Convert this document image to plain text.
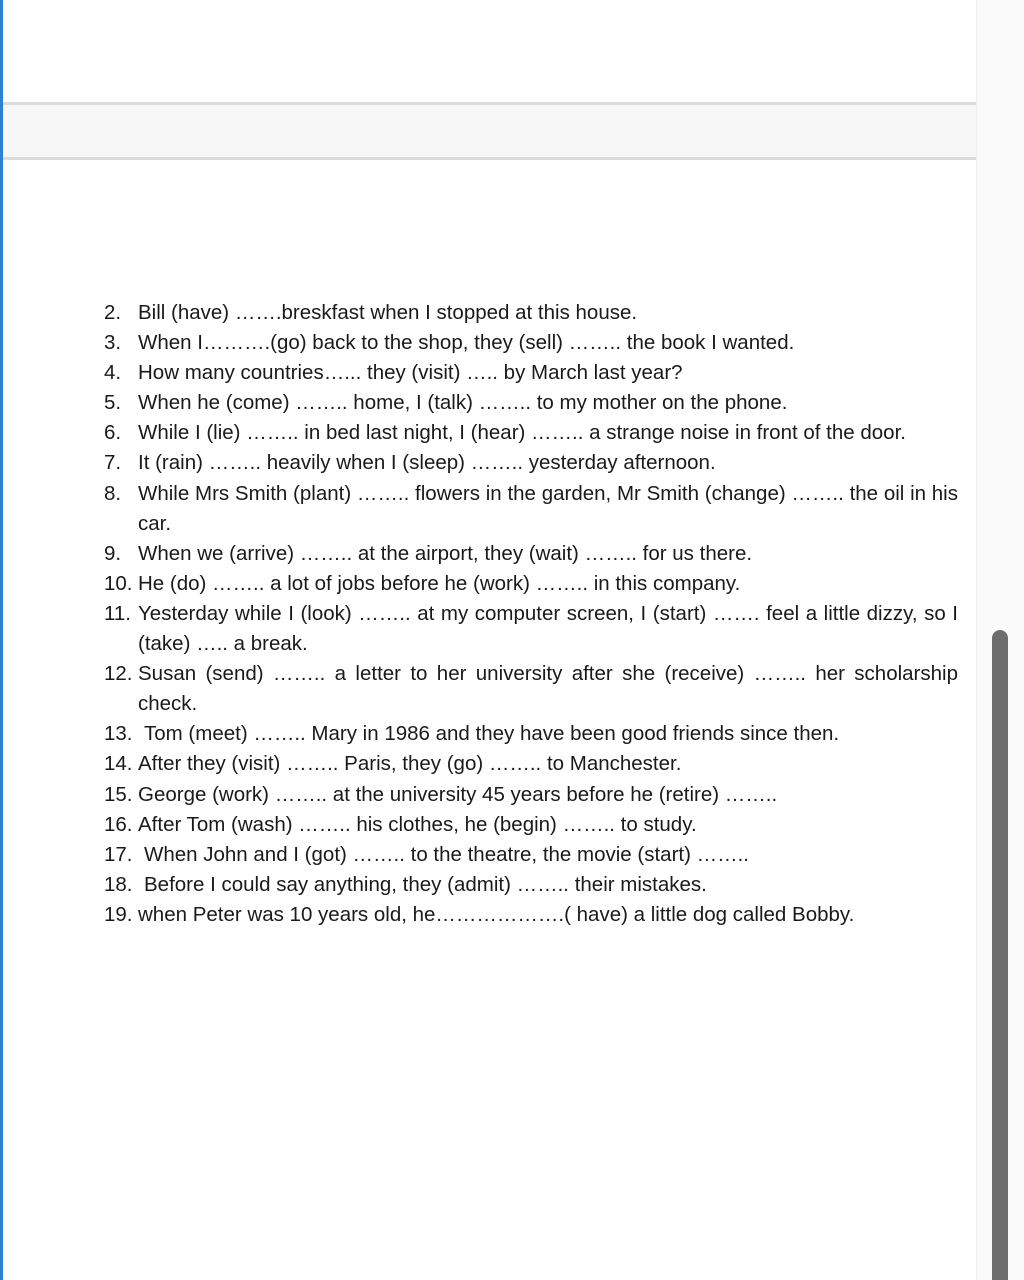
2. Bill (have) …….breskfast when I stopped at this house.
3. When I……….(go) back to the shop, they (sell) …….. the book I wanted.
4. How many countries…... they (visit) ….. by March last year?
5. When he (come) …….. home, I (talk) …….. to my mother on the phone.
6. While I (lie) …….. in bed last night, I (hear) …….. a strange noise in front of the door.
7. It (rain) …….. heavily when I (sleep) …….. yesterday afternoon.
8. While Mrs Smith (plant) …….. flowers in the garden, Mr Smith (change) …….. the oil in his car.
9. When we (arrive) …….. at the airport, they (wait) …….. for us there.
10. He (do) …….. a lot of jobs before he (work) …….. in this company.
11. Yesterday while I (look) …….. at my computer screen, I (start) ……. feel a little dizzy, so I (take) ….. a break.
12. Susan (send) …….. a letter to her university after she (receive) …….. her scholarship check.
13. Tom (meet) …….. Mary in 1986 and they have been good friends since then.
14. After they (visit) …….. Paris, they (go) …….. to Manchester.
15. George (work) …….. at the university 45 years before he (retire) ……..
16. After Tom (wash) …….. his clothes, he (begin) …….. to study.
17. When John and I (got) …….. to the theatre, the movie (start) ……..
18. Before I could say anything, they (admit) …….. their mistakes.
19. when Peter was 10 years old, he……………….( have) a little dog called Bobby.
